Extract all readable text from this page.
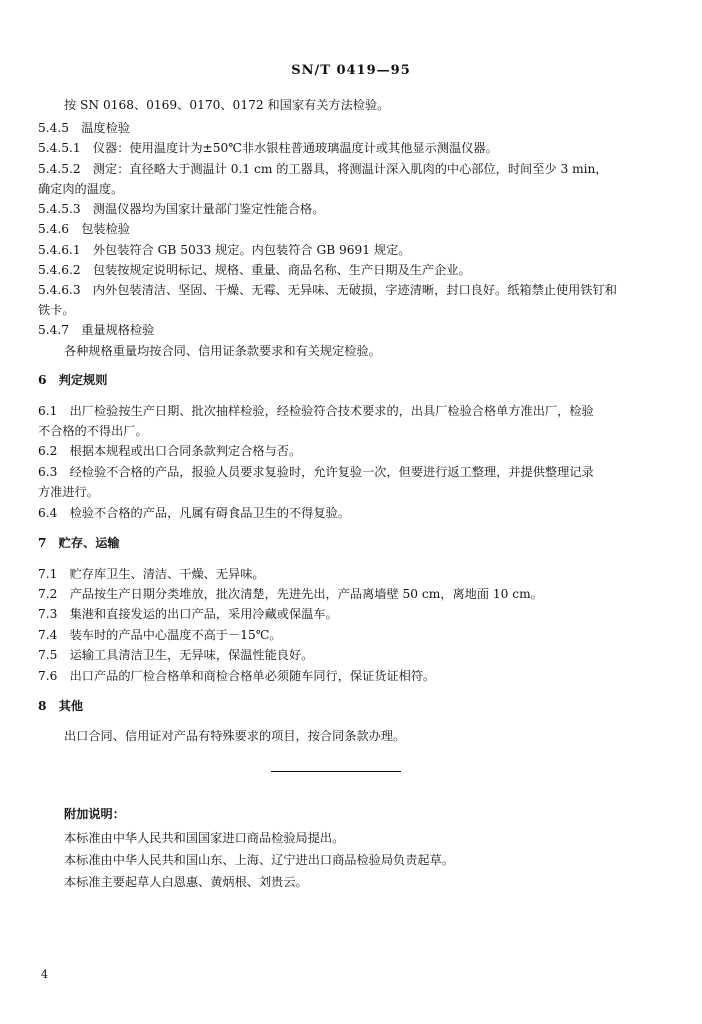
SN/T 0419—95
按 SN 0168、0169、0170、0172 和国家有关方法检验。
5.4.5　温度检验
5.4.5.1　仪器：使用温度计为±50℃非水银柱普通玻璃温度计或其他显示测温仪器。
5.4.5.2　测定：直径略大于测温计 0.1 cm 的工器具，将测温计深入肌肉的中心部位，时间至少 3 min，
确定肉的温度。
5.4.5.3　测温仪器均为国家计量部门鉴定性能合格。
5.4.6　包装检验
5.4.6.1　外包装符合 GB 5033 规定。内包装符合 GB 9691 规定。
5.4.6.2　包装按规定说明标记、规格、重量、商品名称、生产日期及生产企业。
5.4.6.3　内外包装清洁、坚固、干燥、无霉、无异味、无破损，字迹清晰，封口良好。纸箱禁止使用铁钉和
铁卡。
5.4.7　重量规格检验
各种规格重量均按合同、信用证条款要求和有关规定检验。
6　判定规则
6.1　出厂检验按生产日期、批次抽样检验，经检验符合技术要求的，出具厂检验合格单方准出厂，检验
不合格的不得出厂。
6.2　根据本规程或出口合同条款判定合格与否。
6.3　经检验不合格的产品，报验人员要求复验时，允许复验一次，但要进行返工整理，并提供整理记录
方准进行。
6.4　检验不合格的产品，凡属有碍食品卫生的不得复验。
7　贮存、运输
7.1　贮存库卫生、清洁、干燥、无异味。
7.2　产品按生产日期分类堆放，批次清楚，先进先出，产品离墙壁 50 cm，离地面 10 cm。
7.3　集港和直接发运的出口产品，采用冷藏或保温车。
7.4　装车时的产品中心温度不高于－15℃。
7.5　运输工具清洁卫生，无异味，保温性能良好。
7.6　出口产品的厂检合格单和商检合格单必须随车同行，保证货证相符。
8　其他
出口合同、信用证对产品有特殊要求的项目，按合同条款办理。
附加说明：
本标准由中华人民共和国国家进口商品检验局提出。
本标准由中华人民共和国山东、上海、辽宁进出口商品检验局负责起草。
本标准主要起草人白恩惠、黄炳根、刘贵云。
4
